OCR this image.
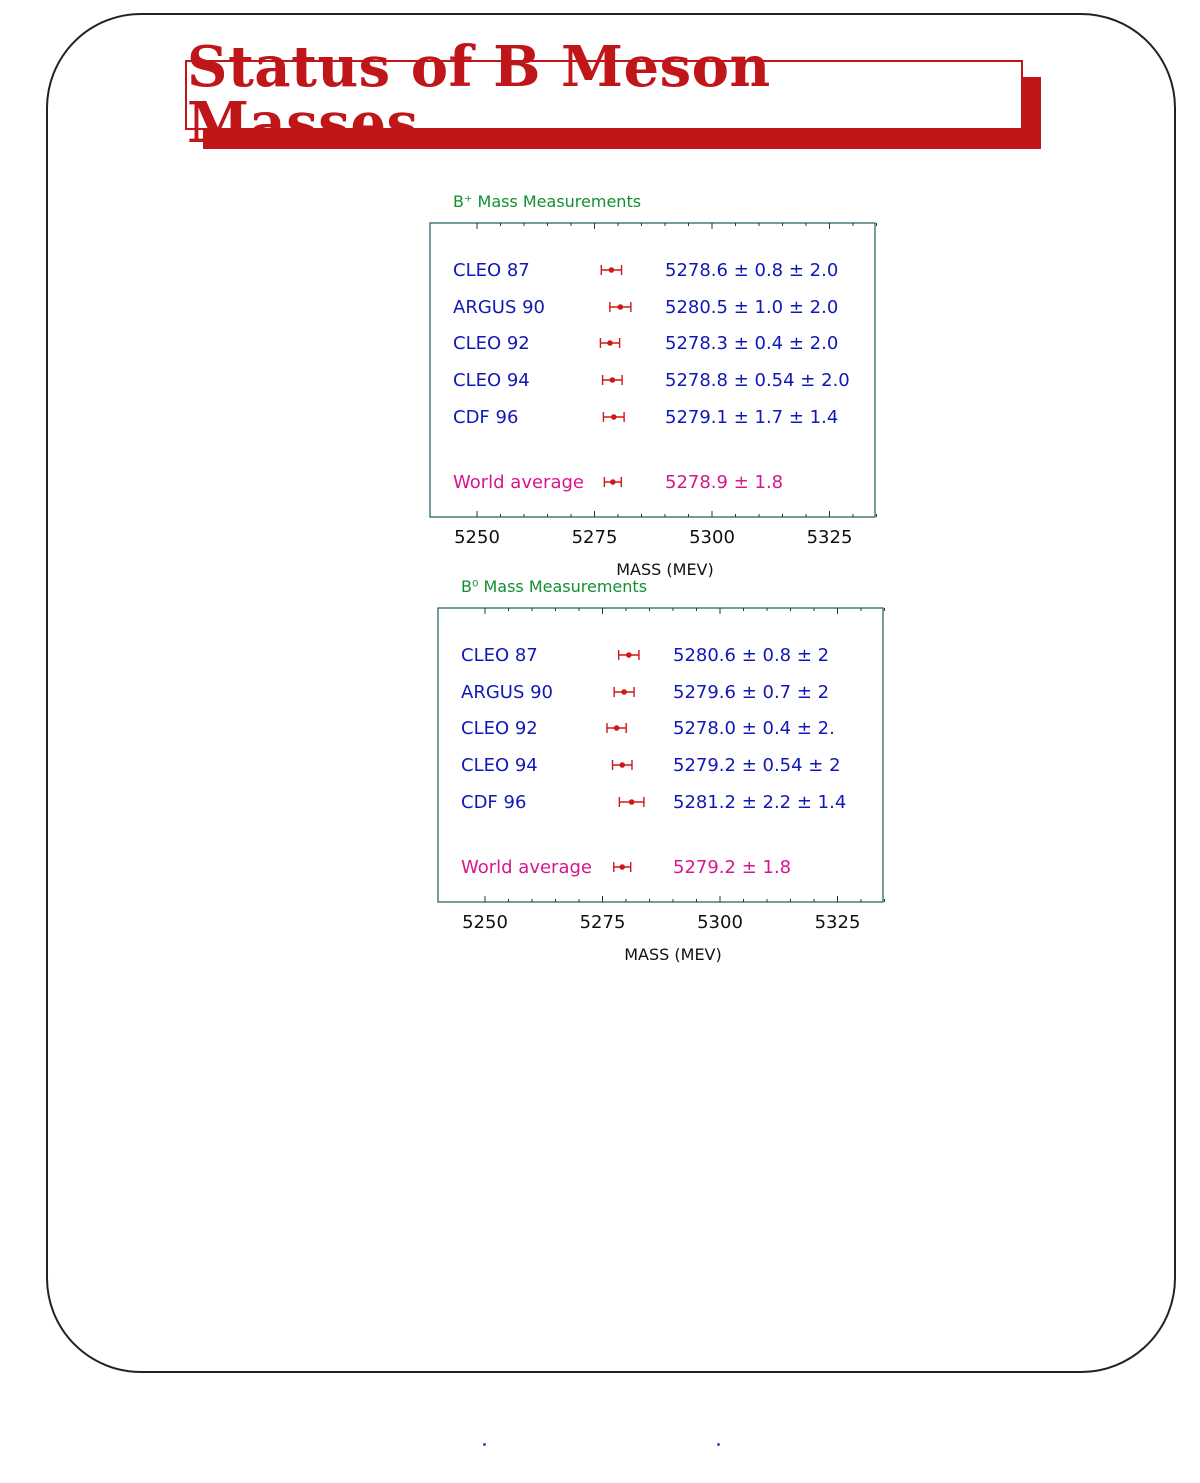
Status of B Meson Masses
B⁺ Mass Measurements
5250	5275	5300	5325
MASS (MEV)
CLEO 87	5278.6 ± 0.8 ± 2.0
ARGUS 90	5280.5 ± 1.0 ± 2.0
CLEO 92	5278.3 ± 0.4 ± 2.0
CLEO 94	5278.8 ± 0.54 ± 2.0
CDF 96	5279.1 ± 1.7 ± 1.4
World average	5278.9 ± 1.8
B⁰ Mass Measurements
5250	5275	5300	5325
MASS (MEV)
CLEO 87	5280.6 ± 0.8 ± 2
ARGUS 90	5279.6 ± 0.7 ± 2
CLEO 92	5278.0 ± 0.4 ± 2.
CLEO 94	5279.2 ± 0.54 ± 2
CDF 96	5281.2 ± 2.2 ± 1.4
World average	5279.2 ± 1.8
